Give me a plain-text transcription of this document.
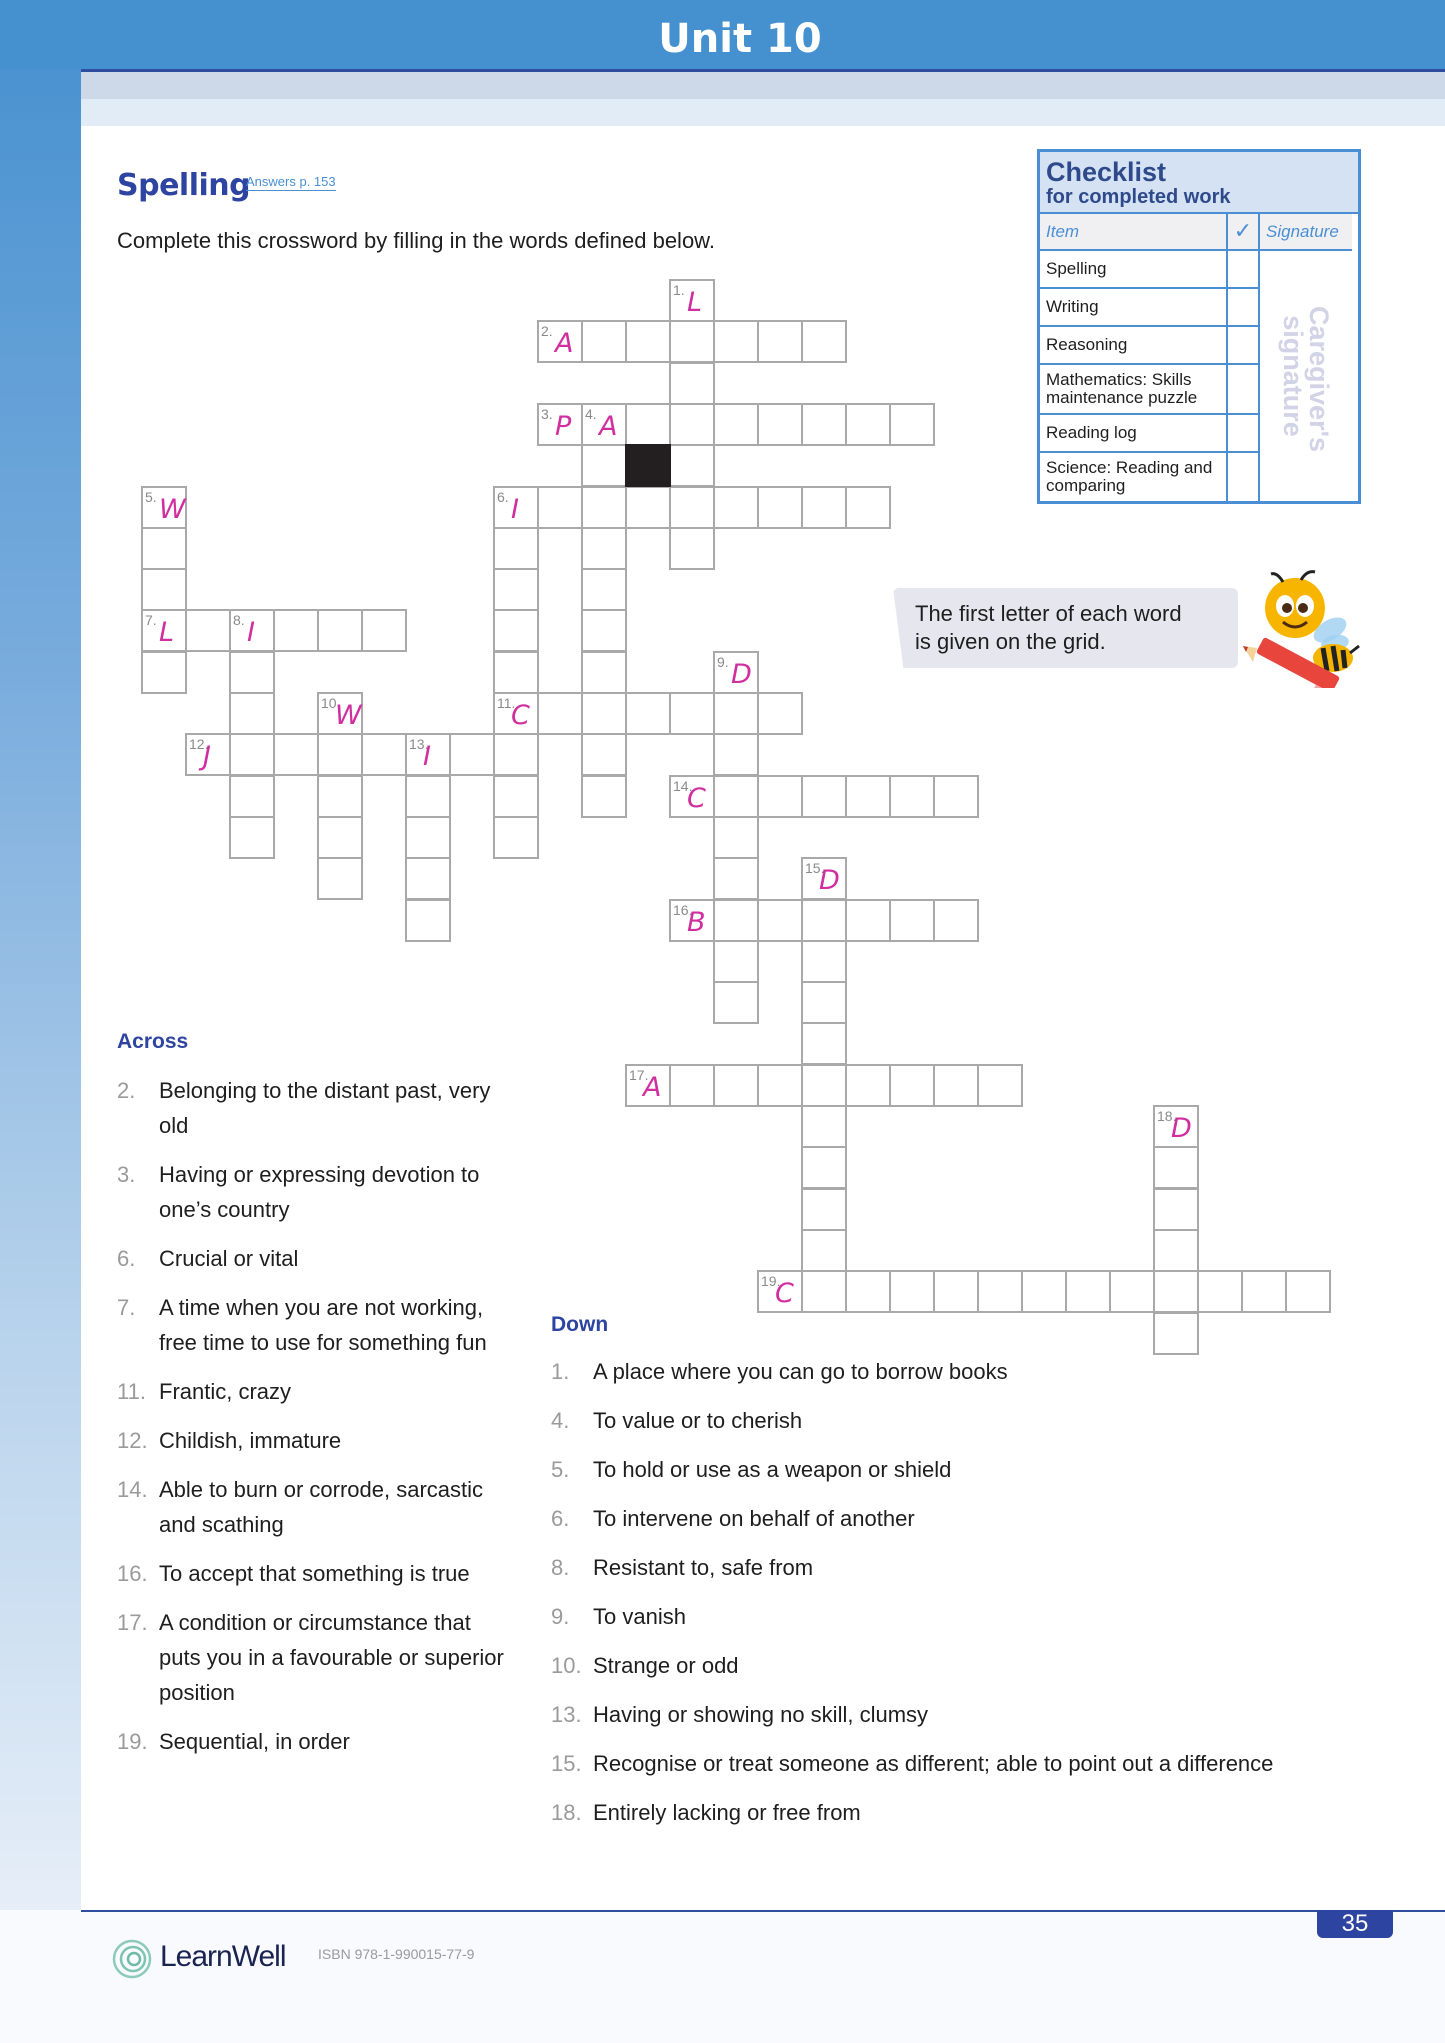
Unit 10
Spelling
Answers p. 153
Complete this crossword by filling in the words defined below.
Checklist
for completed work
Item	✓ Signature
Spelling
Writing
Reasoning
Mathematics: Skills maintenance puzzle
Reading log
Science: Reading and comparing
Caregiver's signature
The first letter of each word
is given on the grid.
1. L
2. A
3. P 4. A
5. W
7. L
6. I
11.
C
8. I
9. D
10.
W
12.
J	13.
I
14.
C
15.
D
16.
B
17.
A
18.
D
19.
C
Across
2.	Belonging to the distant past, very old
3.	Having or expressing devotion to one’s country
6.	Crucial or vital
7.	A time when you are not working, free time to use for something fun
11. Frantic, crazy
12. Childish, immature
14. Able to burn or corrode, sarcastic and scathing
16. To accept that something is true
17. A condition or circumstance that puts you in a favourable or superior position
19. Sequential, in order
Down
1.	A place where you can go to borrow books
4.	To value or to cherish
5.	To hold or use as a weapon or shield
6.	To intervene on behalf of another
8.	Resistant to, safe from
9.	To vanish
10. Strange or odd
13. Having or showing no skill, clumsy
15. Recognise or treat someone as different; able to point out a difference
18. Entirely lacking or free from
35
LearnWell ISBN 978-1-990015-77-9
